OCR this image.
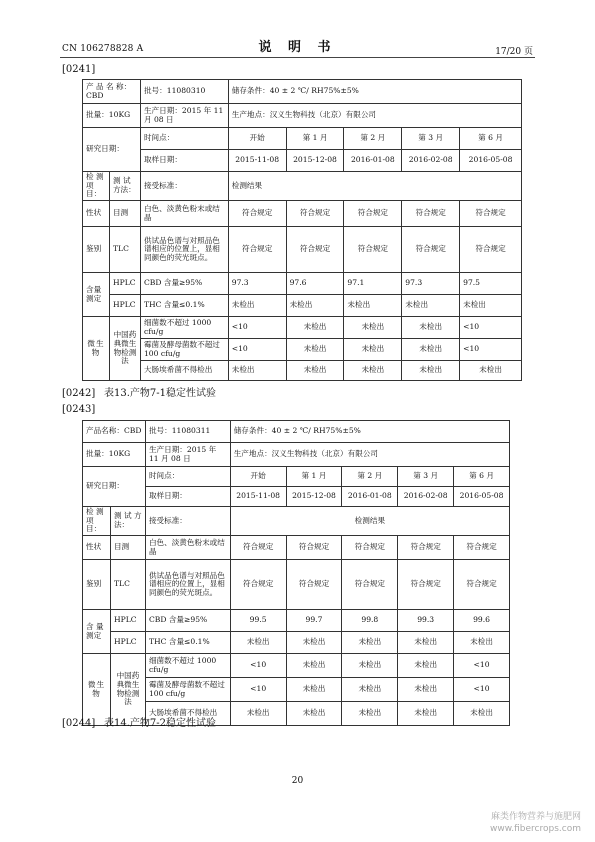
CN 106278828 A	说 明 书	17/20 页
[0241]
产 品 名 称：CBD		批号：11080310	储存条件：40 ± 2 ℃/ RH75%±5%				
批量：10KG		生产日期：2015 年 11 月 08 日	生产地点：汉义生物科技（北京）有限公司				
研究日期：		时间点：	开始	第 1 月	第 2 月	第 3 月	第 6 月
		取样日期：	2015-11-08	2015-12-08	2016-01-08	2016-02-08	2016-05-08
检 测 项 目：	测 试 方法：	接受标准：	检测结果				
性状	目测	白色、淡黄色粉末或结晶	符合规定	符合规定	符合规定	符合规定	符合规定
鉴别	TLC	供试品色谱与对照品色谱相应的位置上，显相同颜色的荧光斑点。	符合规定	符合规定	符合规定	符合规定	符合规定
含量测定	HPLC	CBD 含量≥95%	97.3	97.6	97.1	97.3	97.5
	HPLC	THC 含量≤0.1%	未检出	未检出	未检出	未检出	未检出
微生物	中国药典微生物检测法	细菌数不超过 1000 cfu/g	<10	未检出	未检出	未检出	<10
		霉菌及酵母菌数不超过 100 cfu/g	<10	未检出	未检出	未检出	<10
		大肠埃希菌不得检出	未检出	未检出	未检出	未检出	未检出
[0242] 表13.产物7-1稳定性试验
[0243]
产品名称：CBD		批号：11080311	储存条件：40 ± 2 ℃/ RH75%±5%				
批量：10KG		生产日期：2015 年 11 月 08 日	生产地点：汉义生物科技（北京）有限公司				
研究日期：		时间点：	开始	第 1 月	第 2 月	第 3 月	第 6 月
		取样日期：	2015-11-08	2015-12-08	2016-01-08	2016-02-08	2016-05-08
检 测 项目：	测 试 方法：	接受标准：	检测结果				
性状	目测	白色、淡黄色粉末或结晶	符合规定	符合规定	符合规定	符合规定	符合规定
鉴别	TLC	供试品色谱与对照品色谱相应的位置上，显相同颜色的荧光斑点。	符合规定	符合规定	符合规定	符合规定	符合规定
含 量 测定	HPLC	CBD 含量≥95%	99.5	99.7	99.8	99.3	99.6
	HPLC	THC 含量≤0.1%	未检出	未检出	未检出	未检出	未检出
微生物	中国药典微生物检测法	细菌数不超过 1000 cfu/g	<10	未检出	未检出	未检出	<10
		霉菌及酵母菌数不超过 100 cfu/g	<10	未检出	未检出	未检出	<10
		大肠埃希菌不得检出	未检出	未检出	未检出	未检出	未检出
[0244] 表14.产物7-2稳定性试验
20
麻类作物营养与施肥网
www.fibercrops.com
